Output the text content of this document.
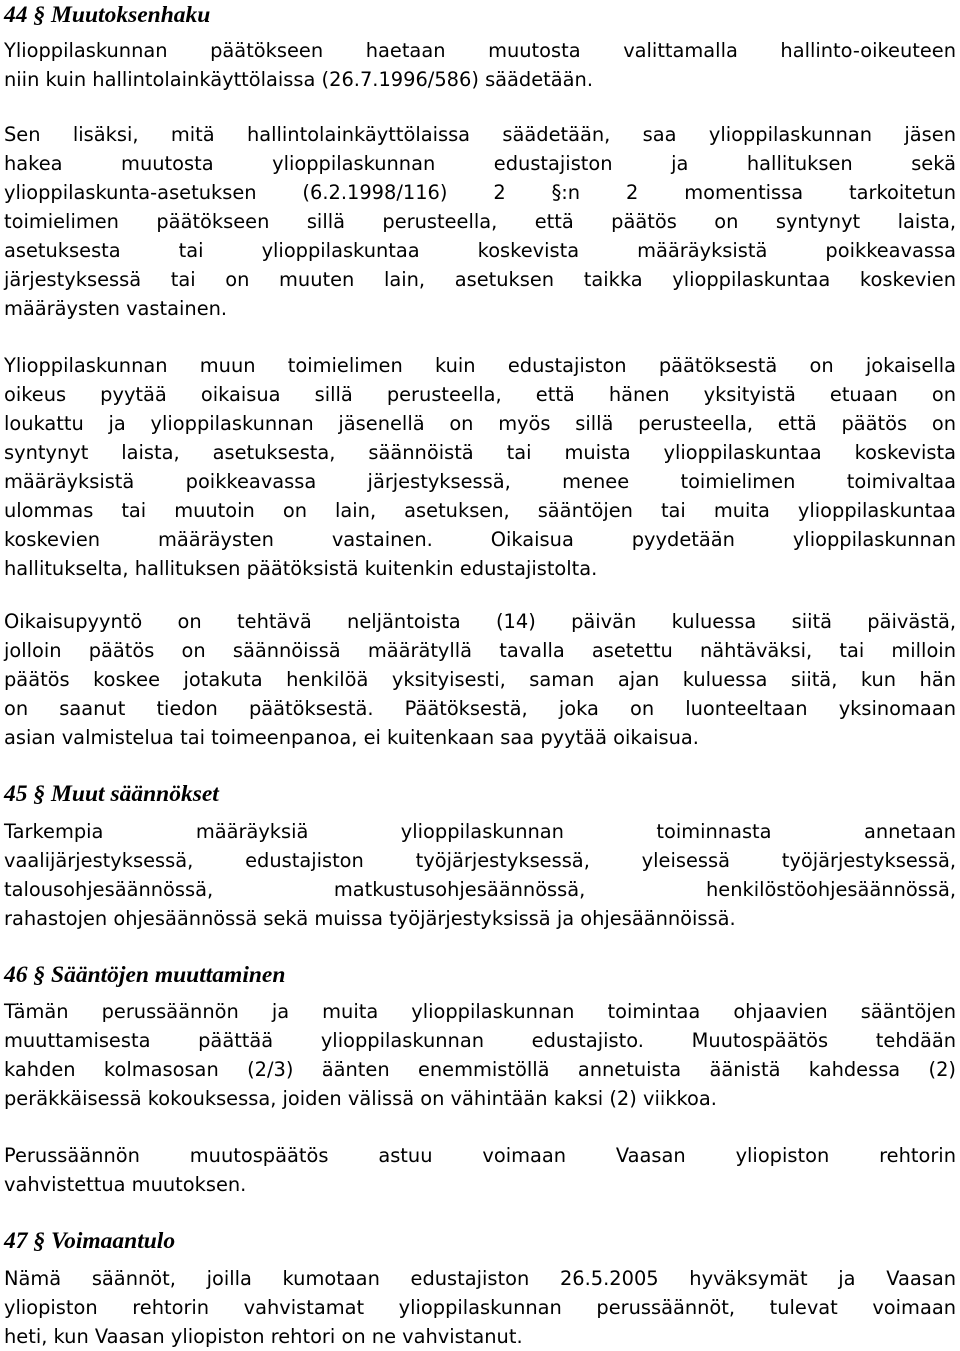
44 § Muutoksenhaku
Ylioppilaskunnan päätökseen haetaan muutosta valittamalla hallinto-oikeuteen
niin kuin hallintolainkäyttölaissa (26.7.1996/586) säädetään.
Sen lisäksi, mitä hallintolainkäyttölaissa säädetään, saa ylioppilaskunnan jäsen
hakea muutosta ylioppilaskunnan edustajiston ja hallituksen sekä
ylioppilaskunta-asetuksen (6.2.1998/116) 2 §:n 2 momentissa tarkoitetun
toimielimen päätökseen sillä perusteella, että päätös on syntynyt laista,
asetuksesta tai ylioppilaskuntaa koskevista määräyksistä poikkeavassa
järjestyksessä tai on muuten lain, asetuksen taikka ylioppilaskuntaa koskevien
määräysten vastainen.
Ylioppilaskunnan muun toimielimen kuin edustajiston päätöksestä on jokaisella
oikeus pyytää oikaisua sillä perusteella, että hänen yksityistä etuaan on
loukattu ja ylioppilaskunnan jäsenellä on myös sillä perusteella, että päätös on
syntynyt laista, asetuksesta, säännöistä tai muista ylioppilaskuntaa koskevista
määräyksistä poikkeavassa järjestyksessä, menee toimielimen toimivaltaa
ulommas tai muutoin on lain, asetuksen, sääntöjen tai muita ylioppilaskuntaa
koskevien määräysten vastainen. Oikaisua pyydetään ylioppilaskunnan
hallitukselta, hallituksen päätöksistä kuitenkin edustajistolta.
Oikaisupyyntö on tehtävä neljäntoista (14) päivän kuluessa siitä päivästä,
jolloin päätös on säännöissä määrätyllä tavalla asetettu nähtäväksi, tai milloin
päätös koskee jotakuta henkilöä yksityisesti, saman ajan kuluessa siitä, kun hän
on saanut tiedon päätöksestä. Päätöksestä, joka on luonteeltaan yksinomaan
asian valmistelua tai toimeenpanoa, ei kuitenkaan saa pyytää oikaisua.
45 § Muut säännökset
Tarkempia määräyksiä ylioppilaskunnan toiminnasta annetaan
vaalijärjestyksessä, edustajiston työjärjestyksessä, yleisessä työjärjestyksessä,
talousohjesäännössä, matkustusohjesäännössä, henkilöstöohjesäännössä,
rahastojen ohjesäännössä sekä muissa työjärjestyksissä ja ohjesäännöissä.
46 § Sääntöjen muuttaminen
Tämän perussäännön ja muita ylioppilaskunnan toimintaa ohjaavien sääntöjen
muuttamisesta päättää ylioppilaskunnan edustajisto. Muutospäätös tehdään
kahden kolmasosan (2/3) äänten enemmistöllä annetuista äänistä kahdessa (2)
peräkkäisessä kokouksessa, joiden välissä on vähintään kaksi (2) viikkoa.
Perussäännön muutospäätös astuu voimaan Vaasan yliopiston rehtorin
vahvistettua muutoksen.
47 § Voimaantulo
Nämä säännöt, joilla kumotaan edustajiston 26.5.2005 hyväksymät ja Vaasan
yliopiston rehtorin vahvistamat ylioppilaskunnan perussäännöt, tulevat voimaan
heti, kun Vaasan yliopiston rehtori on ne vahvistanut.
